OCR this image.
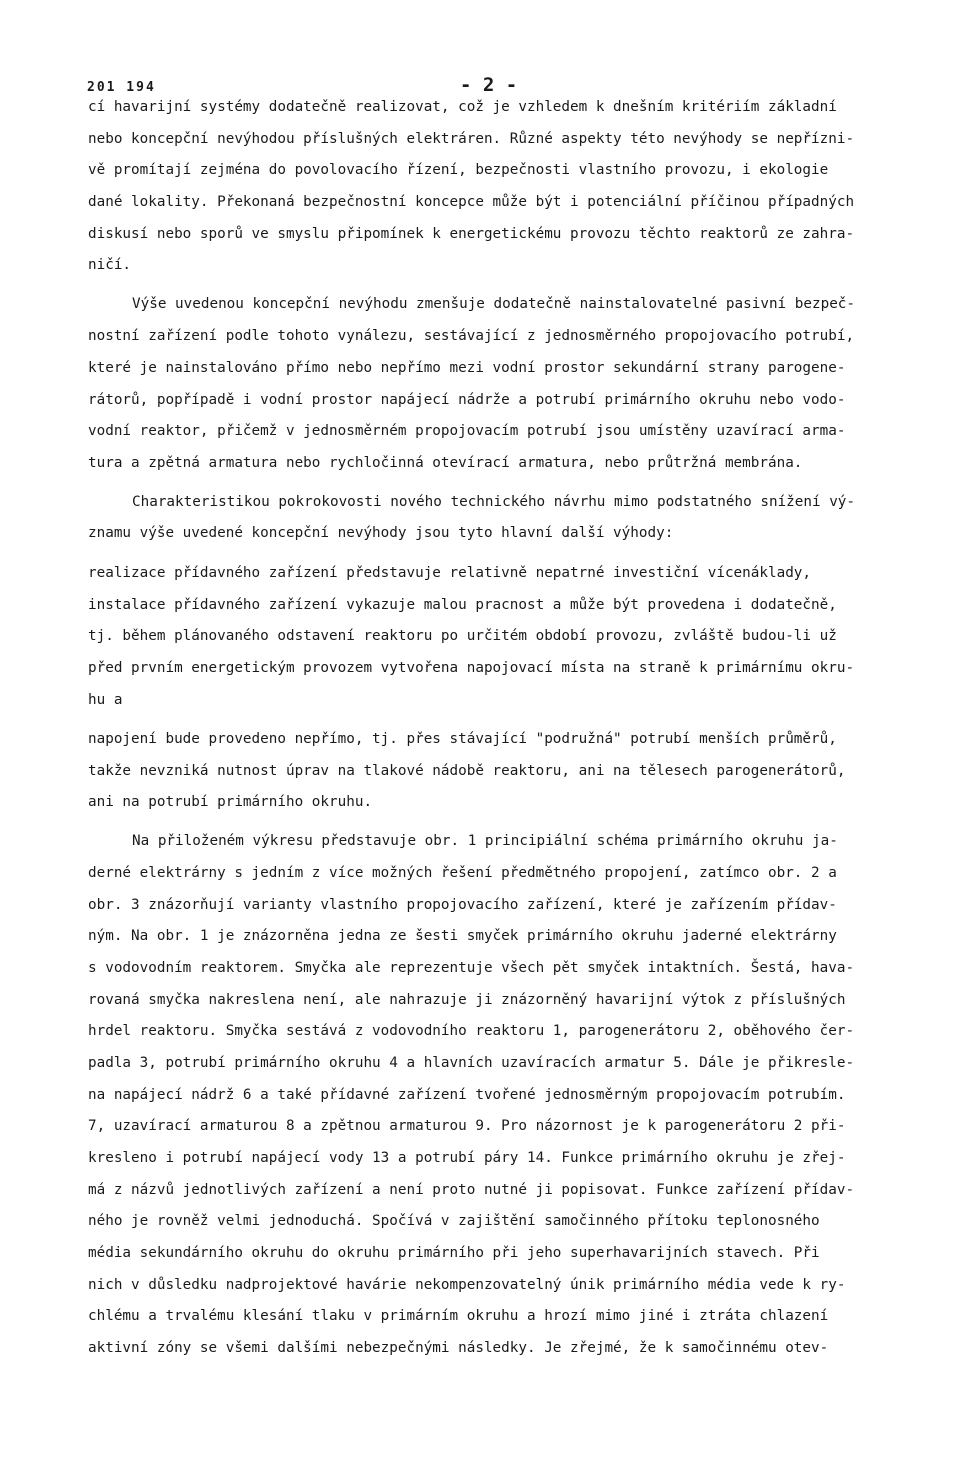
201 194	- 2 -
cí havarijní systémy dodatečně realizovat, což je vzhledem k dnešním kritériím základní
nebo koncepční nevýhodou příslušných elektráren. Různé aspekty této nevýhody se nepřízni-
vě promítají zejména do povolovacího řízení, bezpečnosti vlastního provozu, i ekologie
dané lokality. Překonaná bezpečnostní koncepce může být i potenciální příčinou případných
diskusí nebo sporů ve smyslu připomínek k energetickému provozu těchto reaktorů ze zahra-
ničí.
Výše uvedenou koncepční nevýhodu zmenšuje dodatečně nainstalovatelné pasivní bezpeč-
nostní zařízení podle tohoto vynálezu, sestávající z jednosměrného propojovacího potrubí,
které je nainstalováno přímo nebo nepřímo mezi vodní prostor sekundární strany parogene-
rátorů, popřípadě i vodní prostor napájecí nádrže a potrubí primárního okruhu nebo vodo-
vodní reaktor, přičemž v jednosměrném propojovacím potrubí jsou umístěny uzavírací arma-
tura a zpětná armatura nebo rychločinná otevírací armatura, nebo průtržná membrána.
Charakteristikou pokrokovosti nového technického návrhu mimo podstatného snížení vý-
znamu výše uvedené koncepční nevýhody jsou tyto hlavní další výhody:
realizace přídavného zařízení představuje relativně nepatrné investiční vícenáklady,
instalace přídavného zařízení vykazuje malou pracnost a může být provedena i dodatečně,
tj. během plánovaného odstavení reaktoru po určitém období provozu, zvláště budou-li už
před prvním energetickým provozem vytvořena napojovací místa na straně k primárnímu okru-
hu a
napojení bude provedeno nepřímo, tj. přes stávající "podružná" potrubí menších průměrů,
takže nevzniká nutnost úprav na tlakové nádobě reaktoru, ani na tělesech parogenerátorů,
ani na potrubí primárního okruhu.
Na přiloženém výkresu představuje obr. 1 principiální schéma primárního okruhu ja-
derné elektrárny s jedním z více možných řešení předmětného propojení, zatímco obr. 2 a
obr. 3 znázorňují varianty vlastního propojovacího zařízení, které je zařízením přídav-
ným. Na obr. 1 je znázorněna jedna ze šesti smyček primárního okruhu jaderné elektrárny
s vodovodním reaktorem. Smyčka ale reprezentuje všech pět smyček intaktních. Šestá, hava-
rovaná smyčka nakreslena není, ale nahrazuje ji znázorněný havarijní výtok z příslušných
hrdel reaktoru. Smyčka sestává z vodovodního reaktoru 1, parogenerátoru 2, oběhového čer-
padla 3, potrubí primárního okruhu 4 a hlavních uzavíracích armatur 5. Dále je přikresle-
na napájecí nádrž 6 a také přídavné zařízení tvořené jednosměrným propojovacím potrubím.
7, uzavírací armaturou 8 a zpětnou armaturou 9. Pro názornost je k parogenerátoru 2 při-
kresleno i potrubí napájecí vody 13 a potrubí páry 14. Funkce primárního okruhu je zřej-
má z názvů jednotlivých zařízení a není proto nutné ji popisovat. Funkce zařízení přídav-
ného je rovněž velmi jednoduchá. Spočívá v zajištění samočinného přítoku teplonosného
média sekundárního okruhu do okruhu primárního při jeho superhavarijních stavech. Při
nich v důsledku nadprojektové havárie nekompenzovatelný únik primárního média vede k ry-
chlému a trvalému klesání tlaku v primárním okruhu a hrozí mimo jiné i ztráta chlazení
aktivní zóny se všemi dalšími nebezpečnými následky. Je zřejmé, že k samočinnému otev-
